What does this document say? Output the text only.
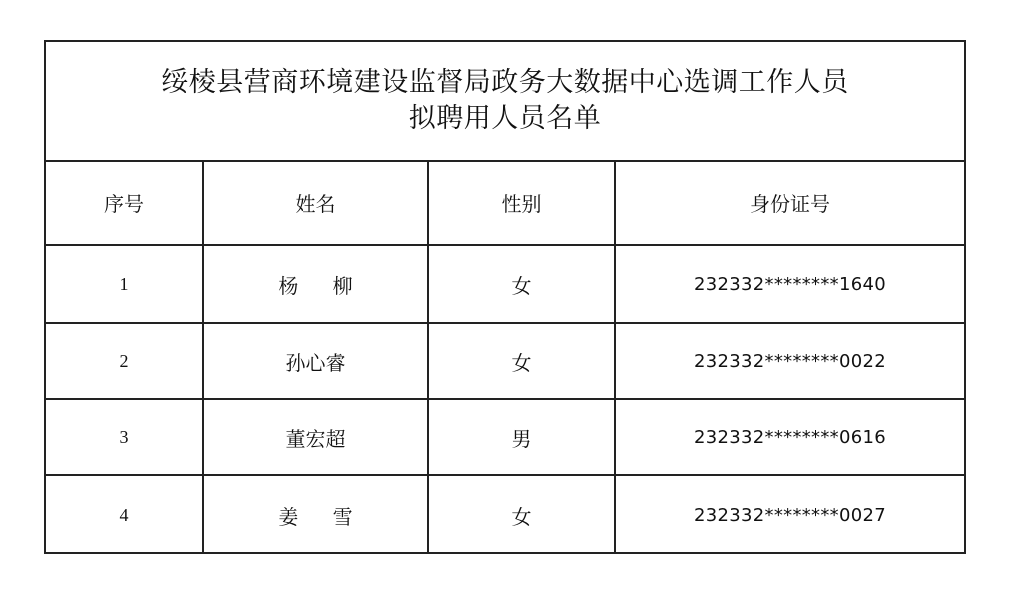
绥棱县营商环境建设监督局政务大数据中心选调工作人员
拟聘用人员名单
序号	姓名	性别	身份证号
1	杨 柳	女	232332********1640
2	孙心睿	女	232332********0022
3	董宏超	男	232332********0616
4	姜 雪	女	232332********0027
